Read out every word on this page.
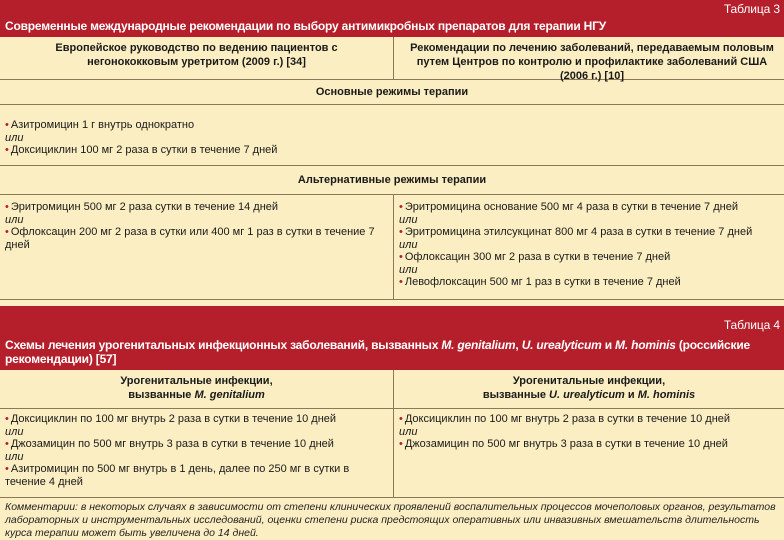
Таблица 3
Современные международные рекомендации по выбору антимикробных препаратов для терапии НГУ
Европейское руководство по ведению пациентов с негонококковым уретритом (2009 г.) [34]
Рекомендации по лечению заболеваний, передаваемым половым путем Центров по контролю и профилактике заболеваний США (2006 г.) [10]
Основные режимы терапии
• Азитромицин 1 г внутрь однократно
или
• Доксициклин 100 мг 2 раза в сутки в течение 7 дней
Альтернативные режимы терапии
• Эритромицин 500 мг 2 раза сутки в течение 14 дней
или
• Офлоксацин 200 мг 2 раза в сутки или 400 мг 1 раз в сутки в течение 7 дней
• Эритромицина основание 500 мг 4 раза в сутки в течение 7 дней
или
• Эритромицина этилсукцинат 800 мг 4 раза в сутки в течение 7 дней
или
• Офлоксацин 300 мг 2 раза в сутки в течение 7 дней
или
• Левофлоксацин 500 мг 1 раз в сутки в течение 7 дней
Таблица 4
Схемы лечения урогенитальных инфекционных заболеваний, вызванных M. genitalium, U. urealyticum и M. hominis (российские рекомендации) [57]
Урогенитальные инфекции,
вызванные M. genitalium
Урогенитальные инфекции,
вызванные U. urealyticum и M. hominis
• Доксициклин по 100 мг внутрь 2 раза в сутки в течение 10 дней
или
• Джозамицин по 500 мг внутрь 3 раза в сутки в течение 10 дней
или
• Азитромицин по 500 мг внутрь в 1 день, далее по 250 мг в сутки в течение 4 дней
• Доксициклин по 100 мг внутрь 2 раза в сутки в течение 10 дней
или
• Джозамицин по 500 мг внутрь 3 раза в сутки в течение 10 дней
Комментарии: в некоторых случаях в зависимости от степени клинических проявлений воспалительных процессов мочеполовых органов, результатов лабораторных и инструментальных исследований, оценки степени риска предстоящих оперативных или инвазивных вмешательств длительность курса терапии может быть увеличена до 14 дней.
